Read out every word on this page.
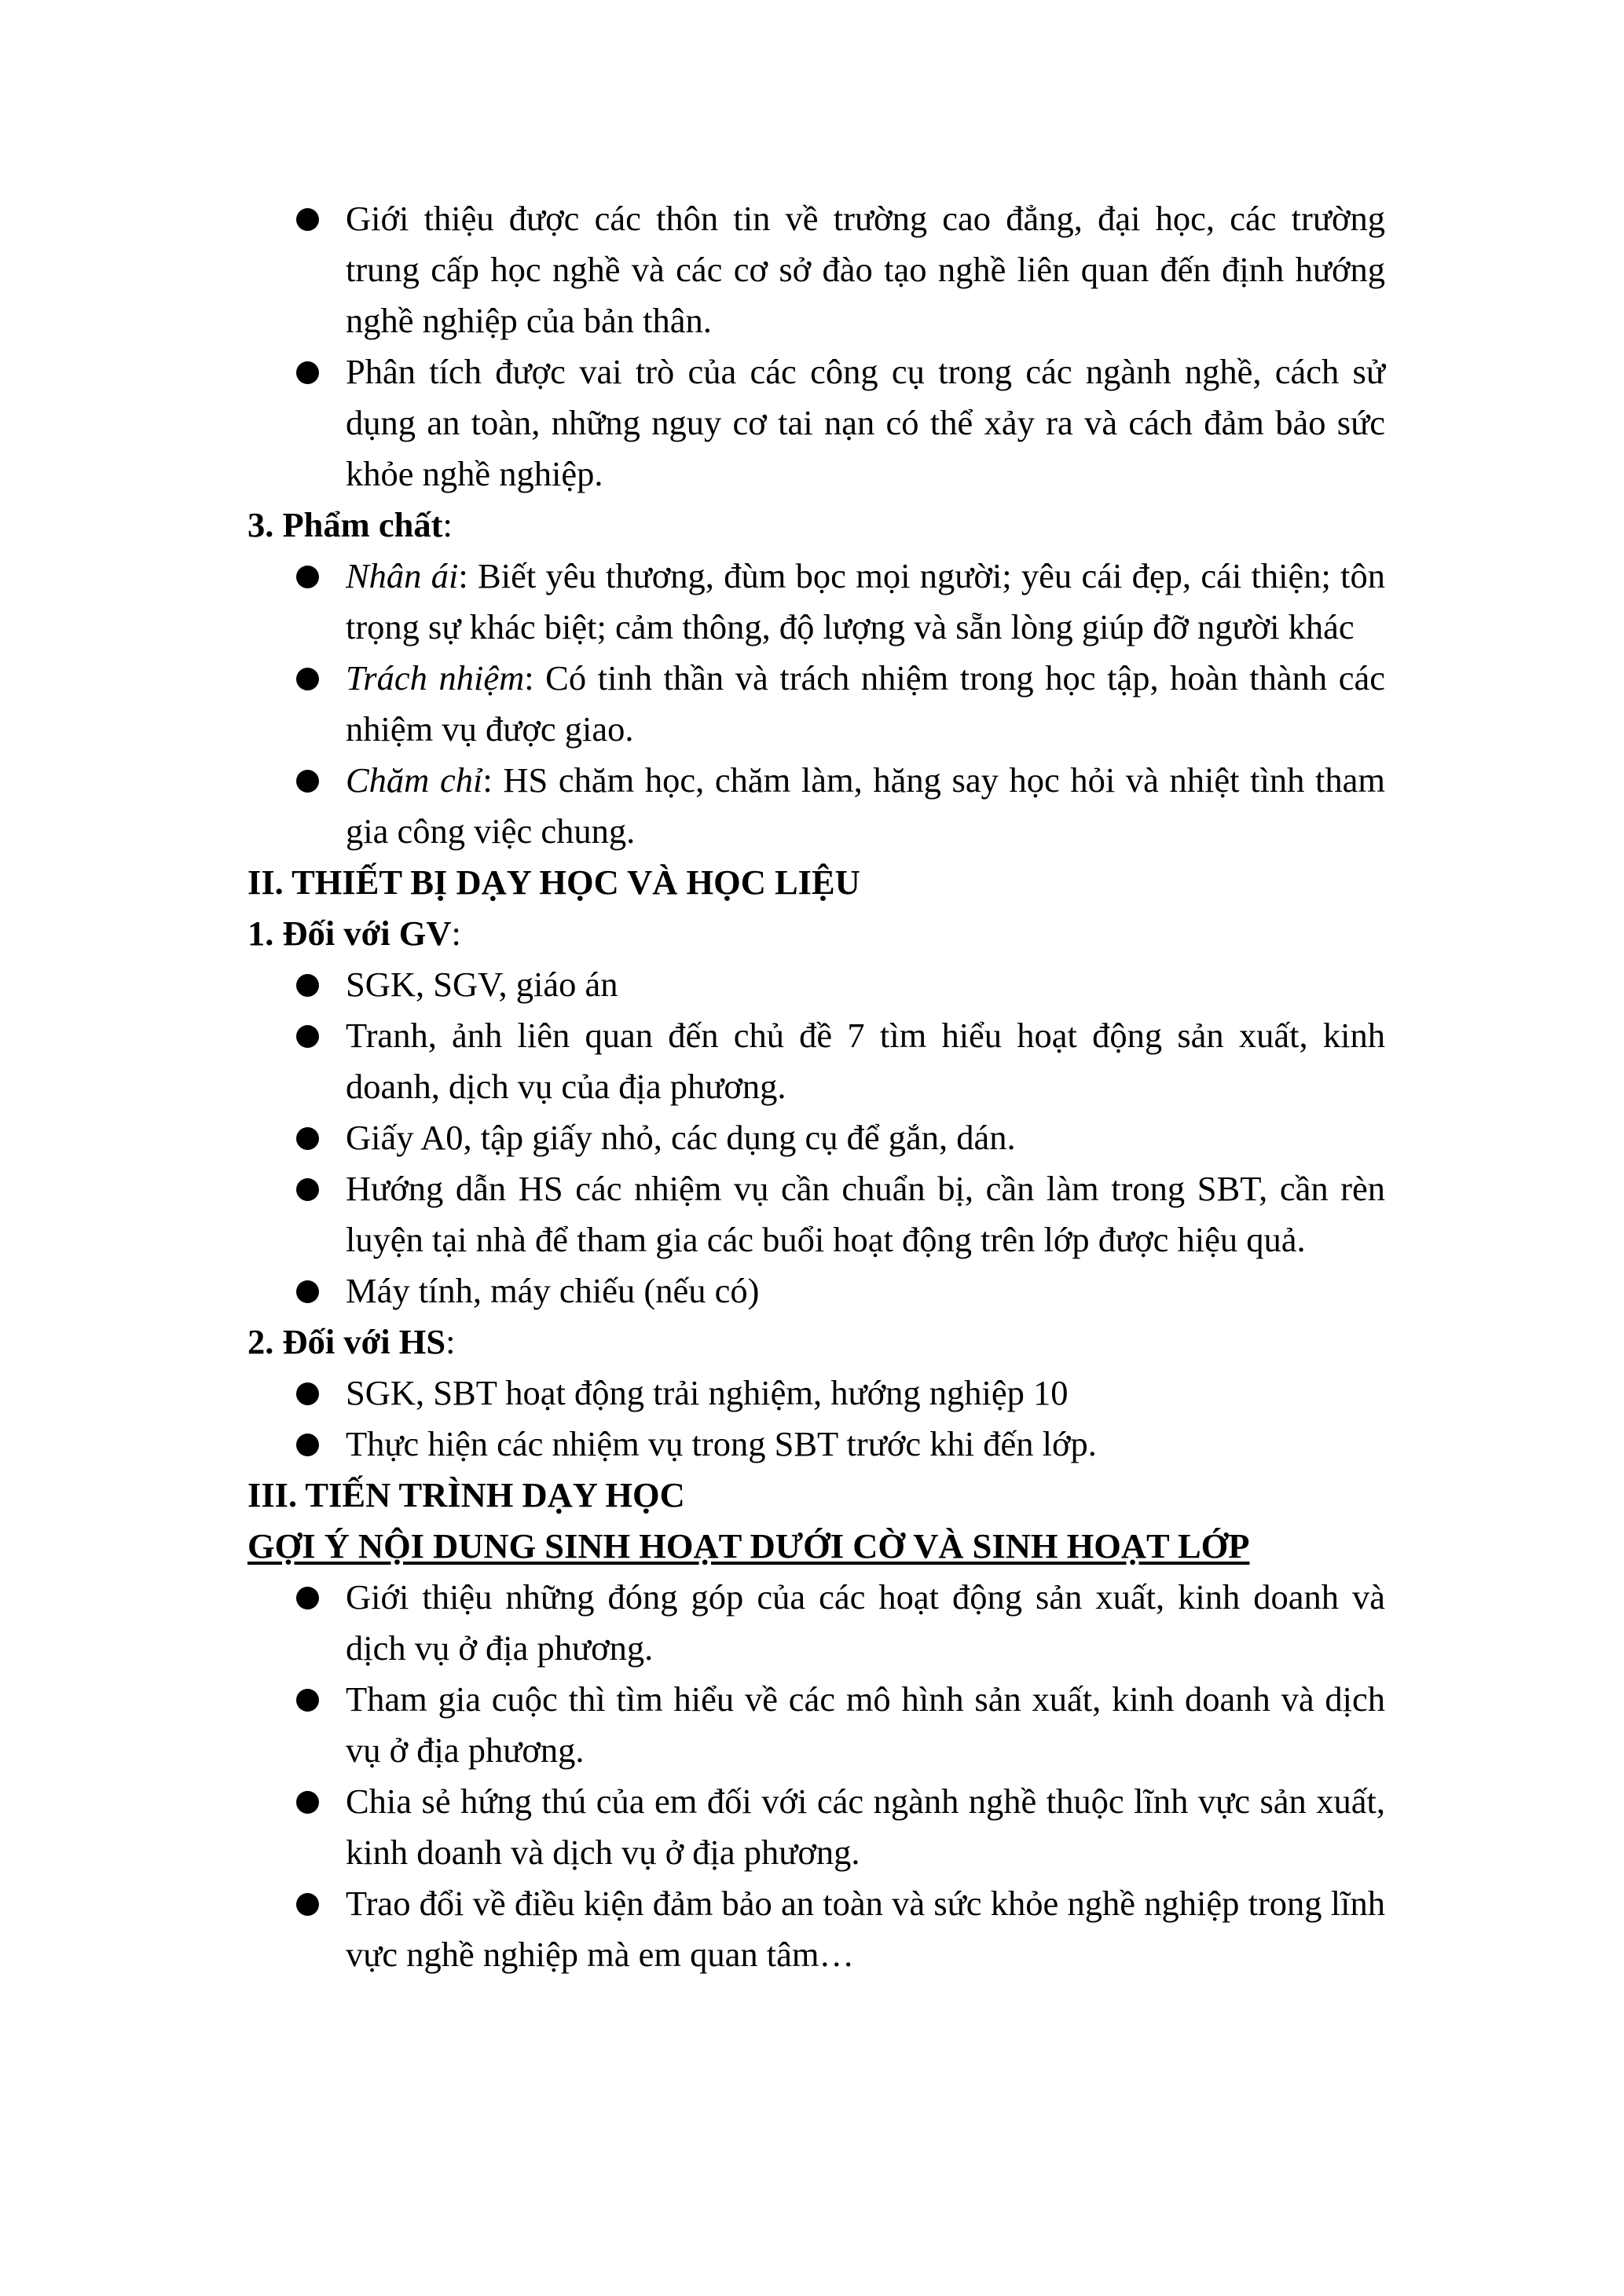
Giới thiệu được các thôn tin về trường cao đẳng, đại học, các trường trung cấp học nghề và các cơ sở đào tạo nghề liên quan đến định hướng nghề nghiệp của bản thân.
Phân tích được vai trò của các công cụ trong các ngành nghề, cách sử dụng an toàn, những nguy cơ tai nạn có thể xảy ra và cách đảm bảo sức khỏe nghề nghiệp.
3. Phẩm chất:
Nhân ái: Biết yêu thương, đùm bọc mọi người; yêu cái đẹp, cái thiện; tôn trọng sự khác biệt; cảm thông, độ lượng và sẵn lòng giúp đỡ người khác
Trách nhiệm: Có tinh thần và trách nhiệm trong học tập, hoàn thành các nhiệm vụ được giao.
Chăm chỉ: HS chăm học, chăm làm, hăng say học hỏi và nhiệt tình tham gia công việc chung.
II. THIẾT BỊ DẠY HỌC VÀ HỌC LIỆU
1. Đối với GV:
SGK, SGV, giáo án
Tranh, ảnh liên quan đến chủ đề 7 tìm hiểu hoạt động sản xuất, kinh doanh, dịch vụ của địa phương.
Giấy A0, tập giấy nhỏ, các dụng cụ để gắn, dán.
Hướng dẫn HS các nhiệm vụ cần chuẩn bị, cần làm trong SBT, cần rèn luyện tại nhà để tham gia các buổi hoạt động trên lớp được hiệu quả.
Máy tính, máy chiếu (nếu có)
2. Đối với HS:
SGK, SBT hoạt động trải nghiệm, hướng nghiệp 10
Thực hiện các nhiệm vụ trong SBT trước khi đến lớp.
III. TIẾN TRÌNH DẠY HỌC
GỢI Ý NỘI DUNG SINH HOẠT DƯỚI CỜ VÀ SINH HOẠT LỚP
Giới thiệu những đóng góp của các hoạt động sản xuất, kinh doanh và dịch vụ ở địa phương.
Tham gia cuộc thì tìm hiểu về các mô hình sản xuất, kinh doanh và dịch vụ ở địa phương.
Chia sẻ hứng thú của em đối với các ngành nghề thuộc lĩnh vực sản xuất, kinh doanh và dịch vụ ở địa phương.
Trao đổi về điều kiện đảm bảo an toàn và sức khỏe nghề nghiệp trong lĩnh vực nghề nghiệp mà em quan tâm…
